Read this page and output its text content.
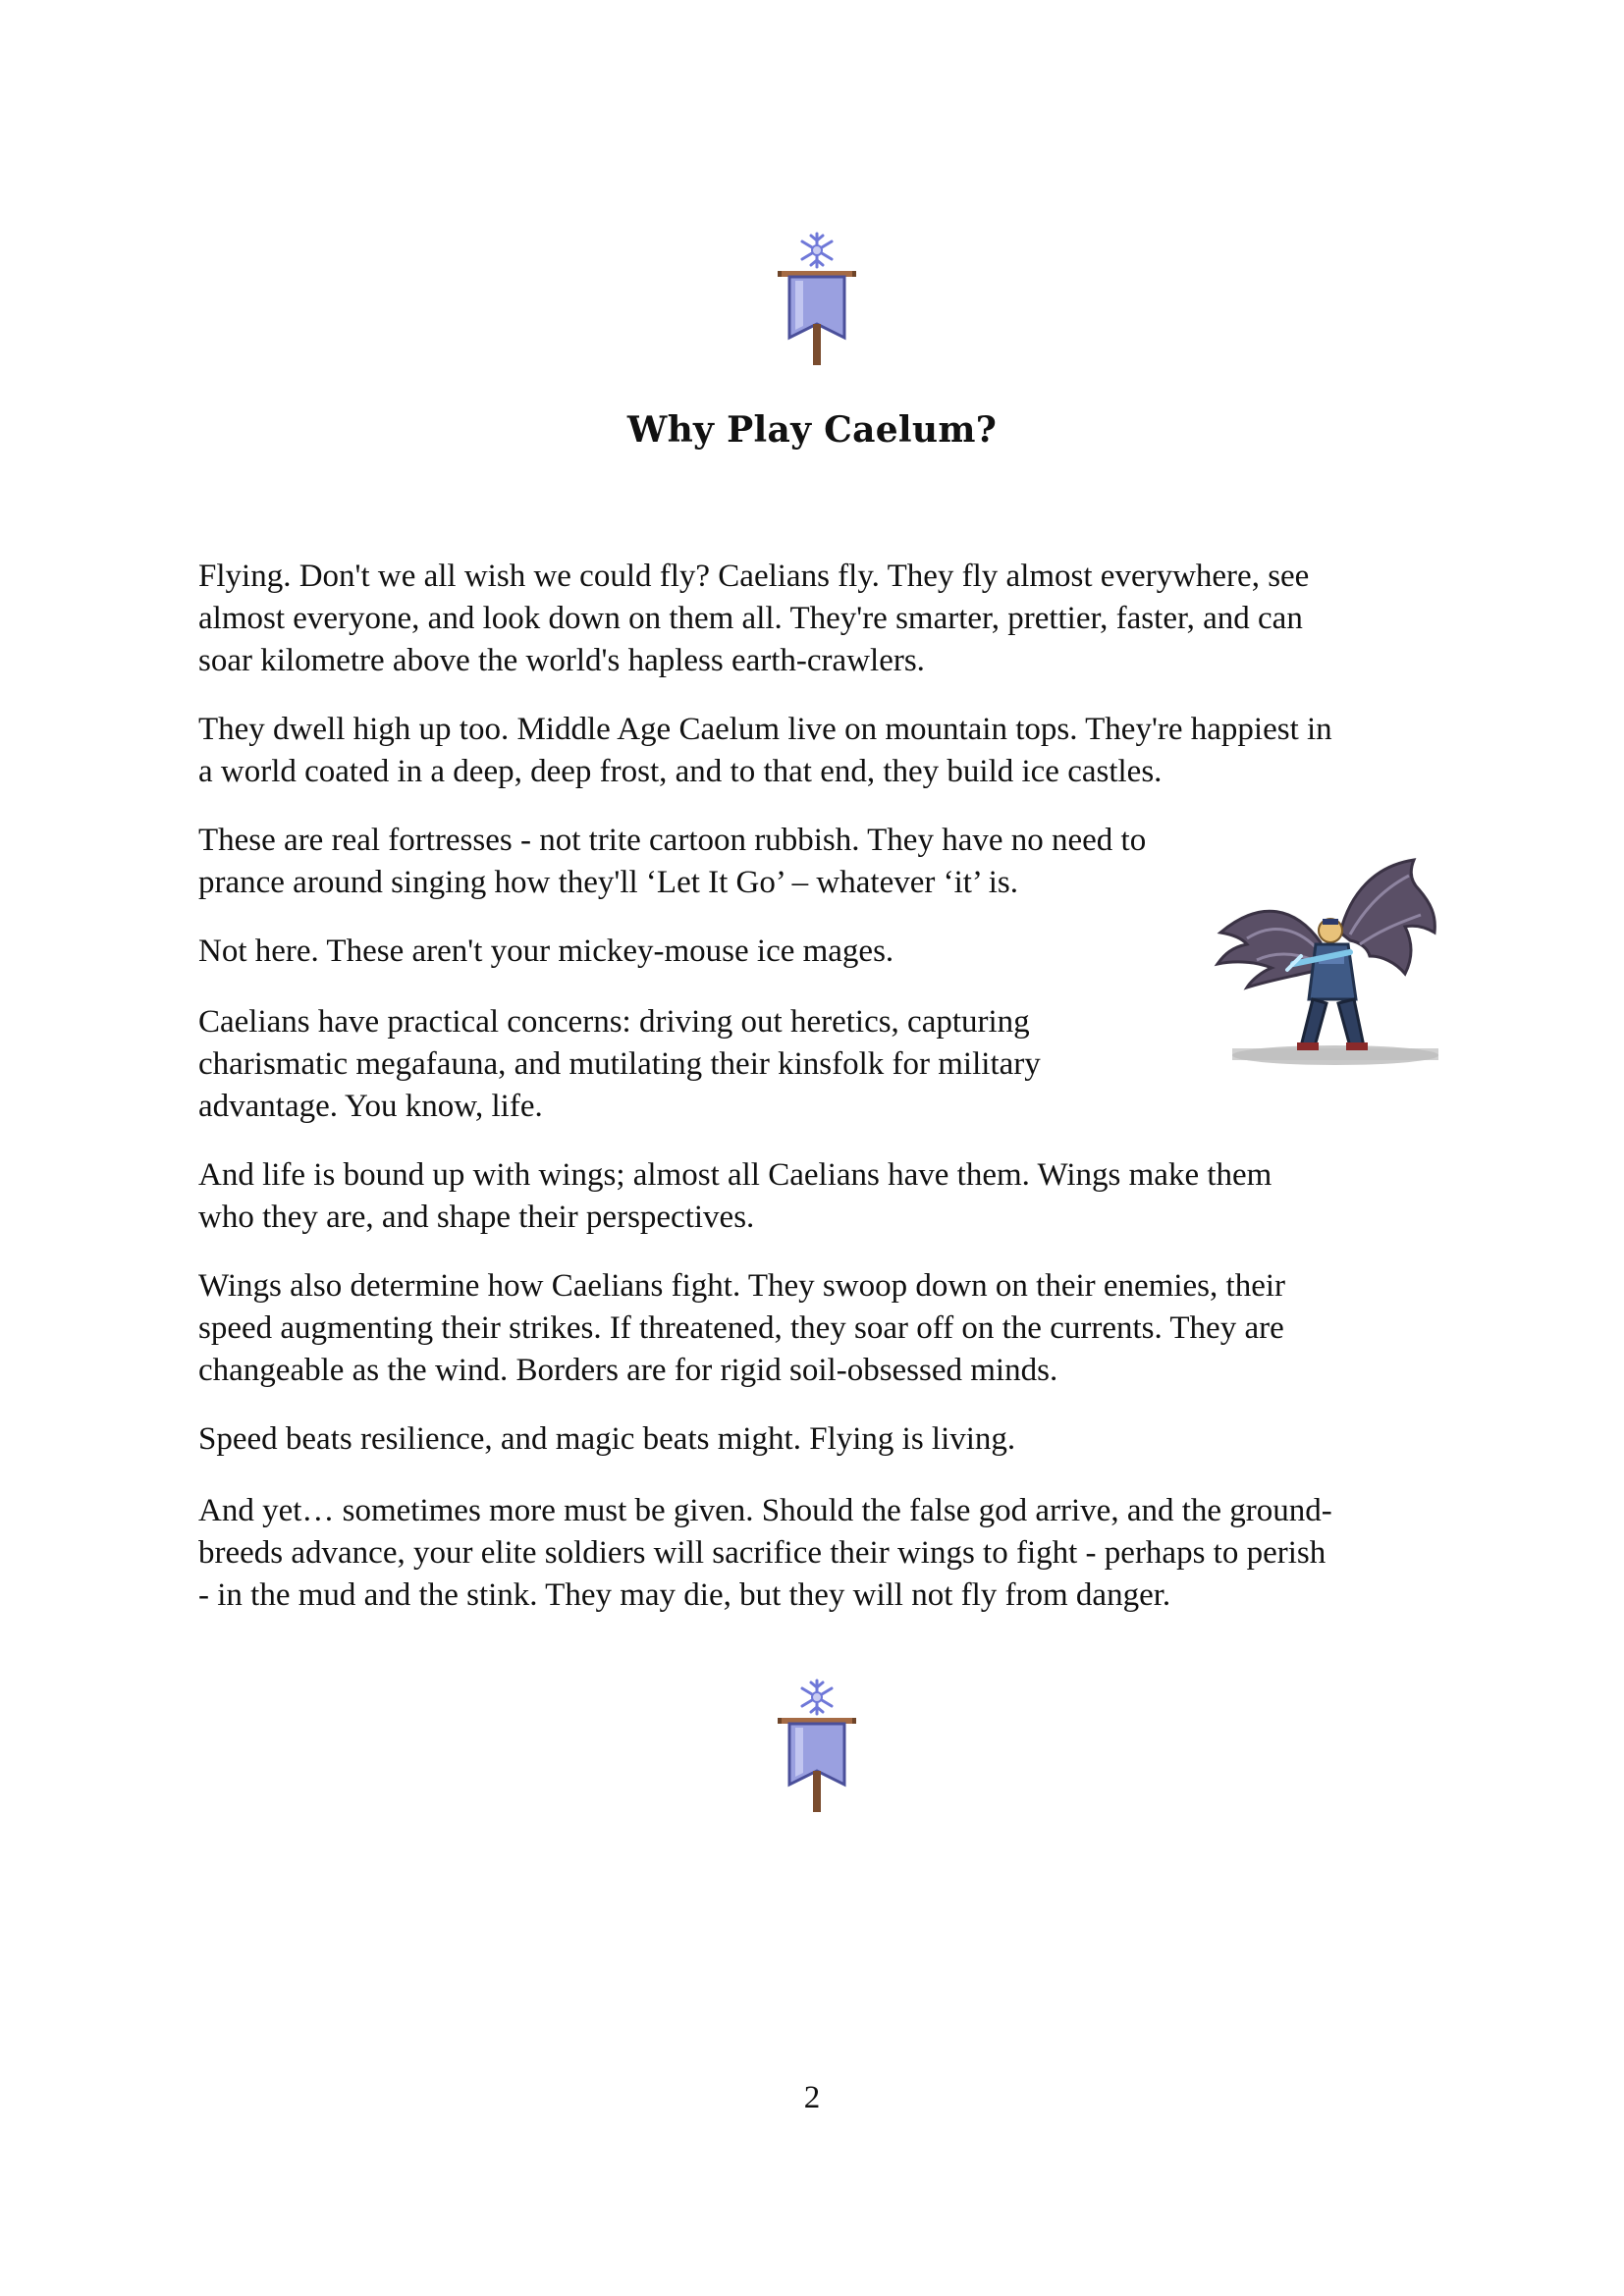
Why Play Caelum?

Flying. Don't we all wish we could fly? Caelians fly. They fly almost everywhere, see
almost everyone, and look down on them all. They're smarter, prettier, faster, and can
soar kilometre above the world's hapless earth-crawlers.

They dwell high up too. Middle Age Caelum live on mountain tops. They're happiest in
a world coated in a deep, deep frost, and to that end, they build ice castles.

These are real fortresses - not trite cartoon rubbish. They have no need to
prance around singing how they'll ‘Let It Go’ – whatever ‘it’ is.

Not here. These aren't your mickey-mouse ice mages.

Caelians have practical concerns: driving out heretics, capturing
charismatic megafauna, and mutilating their kinsfolk for military
advantage. You know, life.

And life is bound up with wings; almost all Caelians have them. Wings make them
who they are, and shape their perspectives.

Wings also determine how Caelians fight. They swoop down on their enemies, their
speed augmenting their strikes. If threatened, they soar off on the currents. They are
changeable as the wind. Borders are for rigid soil-obsessed minds.

Speed beats resilience, and magic beats might. Flying is living.

And yet… sometimes more must be given. Should the false god arrive, and the ground-
breeds advance, your elite soldiers will sacrifice their wings to fight - perhaps to perish
- in the mud and the stink. They may die, but they will not fly from danger.

2
